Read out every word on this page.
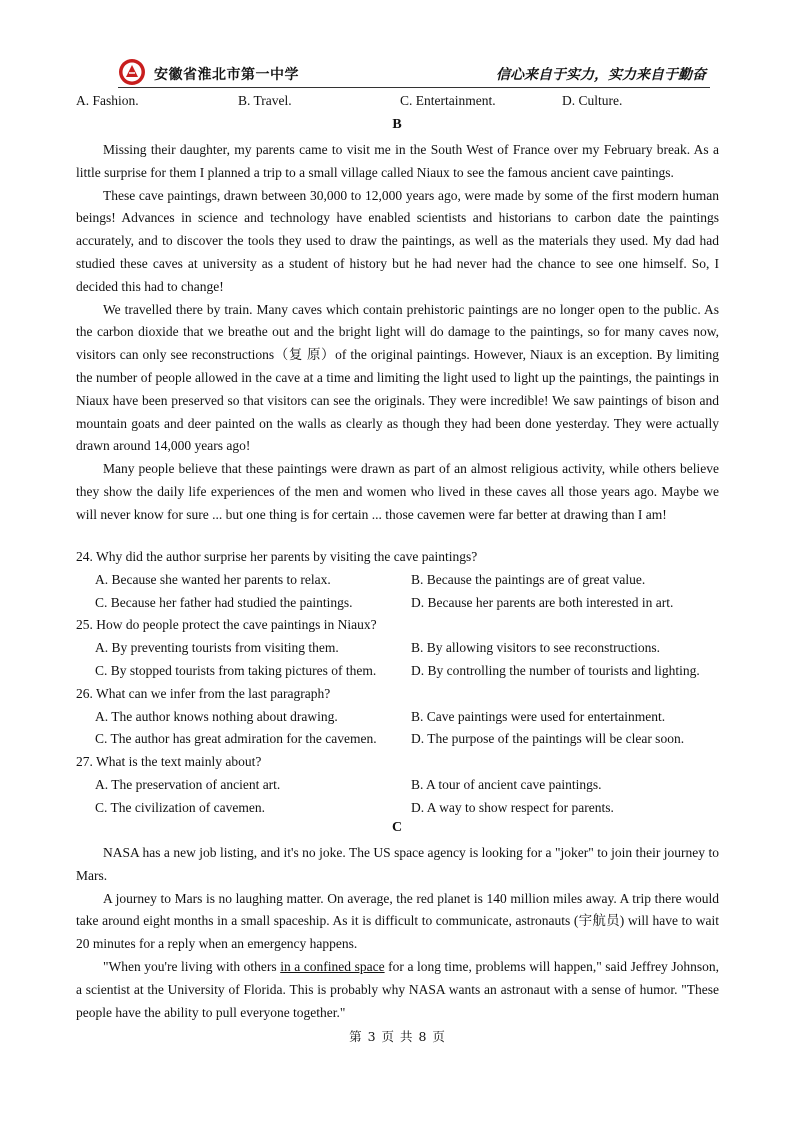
安徽省淮北市第一中学	信心来自于实力，实力来自于勤奋
A. Fashion.	B. Travel.	C. Entertainment.	D. Culture.
B

Missing their daughter, my parents came to visit me in the South West of France over my February break. As a little surprise for them I planned a trip to a small village called Niaux to see the famous ancient cave paintings.

These cave paintings, drawn between 30,000 to 12,000 years ago, were made by some of the first modern human beings! Advances in science and technology have enabled scientists and historians to carbon date the paintings accurately, and to discover the tools they used to draw the paintings, as well as the materials they used. My dad had studied these caves at university as a student of history but he had never had the chance to see one himself. So, I decided this had to change!

We travelled there by train. Many caves which contain prehistoric paintings are no longer open to the public. As the carbon dioxide that we breathe out and the bright light will do damage to the paintings, so for many caves now, visitors can only see reconstructions（复 原）of the original paintings. However, Niaux is an exception. By limiting the number of people allowed in the cave at a time and limiting the light used to light up the paintings, the paintings in Niaux have been preserved so that visitors can see the originals. They were incredible! We saw paintings of bison and mountain goats and deer painted on the walls as clearly as though they had been done yesterday. They were actually drawn around 14,000 years ago!

Many people believe that these paintings were drawn as part of an almost religious activity, while others believe they show the daily life experiences of the men and women who lived in these caves all those years ago. Maybe we will never know for sure ... but one thing is for certain ... those cavemen were far better at drawing than I am!

24. Why did the author surprise her parents by visiting the cave paintings?
A. Because she wanted her parents to relax.	B. Because the paintings are of great value.
C. Because her father had studied the paintings.	D. Because her parents are both interested in art.
25. How do people protect the cave paintings in Niaux?
A. By preventing tourists from visiting them.	B. By allowing visitors to see reconstructions.
C. By stopped tourists from taking pictures of them.	D. By controlling the number of tourists and lighting.
26. What can we infer from the last paragraph?
A. The author knows nothing about drawing.	B. Cave paintings were used for entertainment.
C. The author has great admiration for the cavemen.	D. The purpose of the paintings will be clear soon.
27. What is the text mainly about?
A. The preservation of ancient art.	B. A tour of ancient cave paintings.
C. The civilization of cavemen.	D. A way to show respect for parents.
C

NASA has a new job listing, and it's no joke. The US space agency is looking for a "joker" to join their journey to Mars.

A journey to Mars is no laughing matter. On average, the red planet is 140 million miles away. A trip there would take around eight months in a small spaceship. As it is difficult to communicate, astronauts (宇航员) will have to wait 20 minutes for a reply when an emergency happens.

"When you're living with others in a confined space for a long time, problems will happen," said Jeffrey Johnson, a scientist at the University of Florida. This is probably why NASA wants an astronaut with a sense of humor. "These people have the ability to pull everyone together."

第 3 页 共 8 页
